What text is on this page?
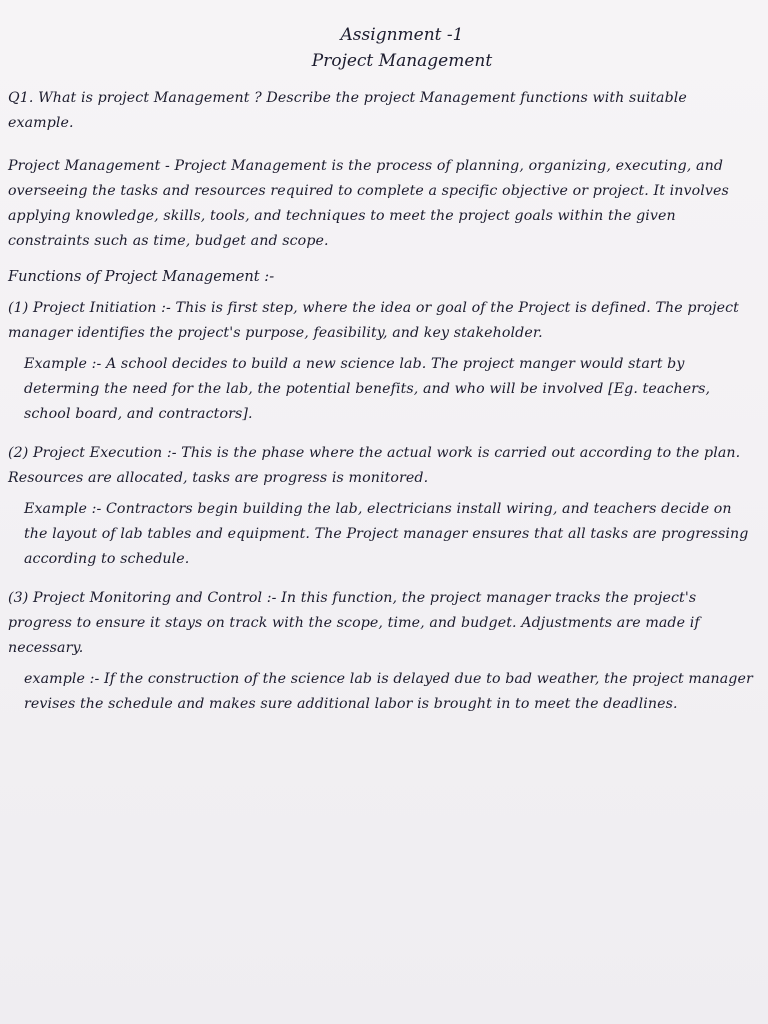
Assignment -1
Project Management

Q1. What is project Management ? Describe the project Management functions with suitable example.

Project Management - Project Management is the process of planning, organizing, executing, and overseeing the tasks and resources required to complete a specific objective or project. It involves applying knowledge, skills, tools, and techniques to meet the project goals within the given constraints such as time, budget and scope.

Functions of Project Management :-

(1) Project Initiation :- This is first step, where the idea or goal of the Project is defined. The project manager identifies the project's purpose, feasibility, and key stakeholder.

Example :- A school decides to build a new science lab. The project manger would start by determing the need for the lab, the potential benefits, and who will be involved [Eg. teachers, school board, and contractors].

(2) Project Execution :- This is the phase where the actual work is carried out according to the plan. Resources are allocated, tasks are progress is monitored.

Example :- Contractors begin building the lab, electricians install wiring, and teachers decide on the layout of lab tables and equipment. The Project manager ensures that all tasks are progressing according to schedule.

(3) Project Monitoring and Control :- In this function, the project manager tracks the project's progress to ensure it stays on track with the scope, time, and budget. Adjustments are made if necessary.

example :- If the construction of the science lab is delayed due to bad weather, the project manager revises the schedule and makes sure additional labor is brought in to meet the deadlines.
